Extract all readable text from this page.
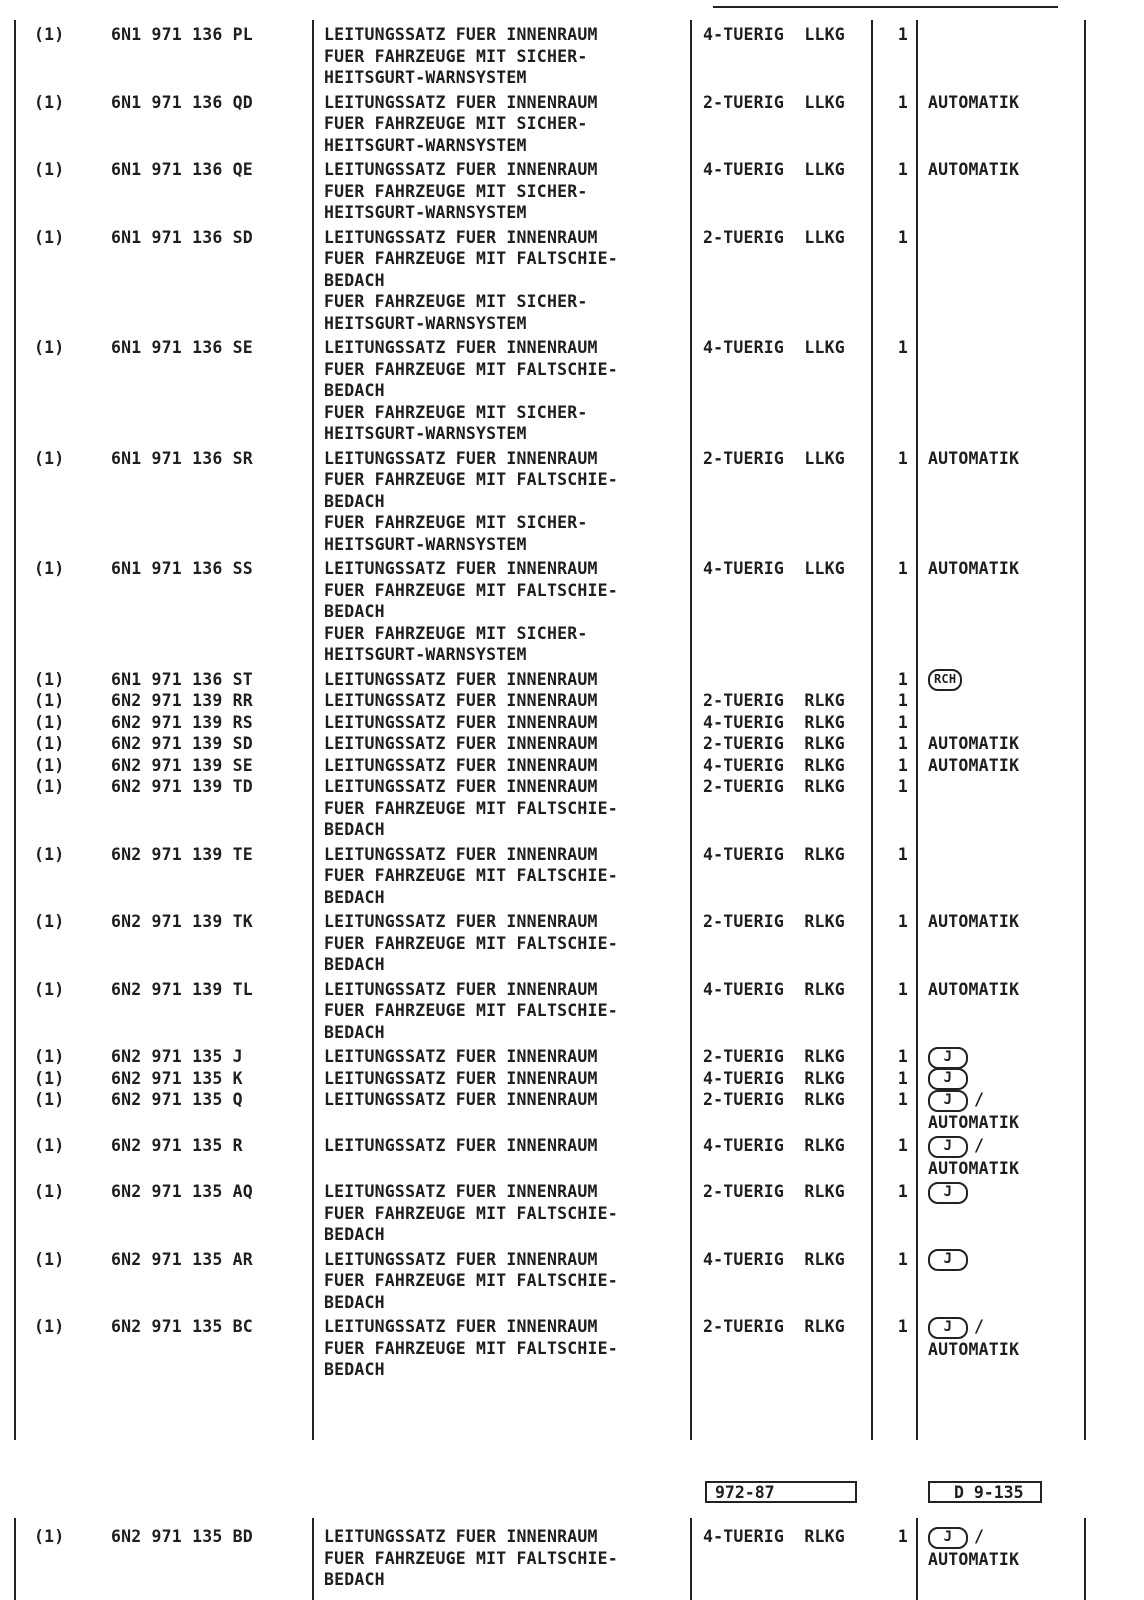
(1)	6N1 971 136 PL	LEITUNGSSATZ FUER INNENRAUM
FUER FAHRZEUGE MIT SICHER-
HEITSGURT-WARNSYSTEM
4-TUERIG  LLKG	1
(1)	6N1 971 136 QD	LEITUNGSSATZ FUER INNENRAUM
FUER FAHRZEUGE MIT SICHER-
HEITSGURT-WARNSYSTEM
2-TUERIG  LLKG	1 AUTOMATIK
(1)	6N1 971 136 QE	LEITUNGSSATZ FUER INNENRAUM
FUER FAHRZEUGE MIT SICHER-
HEITSGURT-WARNSYSTEM
4-TUERIG  LLKG	1 AUTOMATIK
(1)	6N1 971 136 SD	LEITUNGSSATZ FUER INNENRAUM
FUER FAHRZEUGE MIT FALTSCHIE-
BEDACH
FUER FAHRZEUGE MIT SICHER-
HEITSGURT-WARNSYSTEM
2-TUERIG  LLKG	1
(1)	6N1 971 136 SE	LEITUNGSSATZ FUER INNENRAUM
FUER FAHRZEUGE MIT FALTSCHIE-
BEDACH
FUER FAHRZEUGE MIT SICHER-
HEITSGURT-WARNSYSTEM
4-TUERIG  LLKG	1
(1)	6N1 971 136 SR	LEITUNGSSATZ FUER INNENRAUM
FUER FAHRZEUGE MIT FALTSCHIE-
BEDACH
FUER FAHRZEUGE MIT SICHER-
HEITSGURT-WARNSYSTEM
2-TUERIG  LLKG	1 AUTOMATIK
(1)	6N1 971 136 SS	LEITUNGSSATZ FUER INNENRAUM
FUER FAHRZEUGE MIT FALTSCHIE-
BEDACH
FUER FAHRZEUGE MIT SICHER-
HEITSGURT-WARNSYSTEM
4-TUERIG  LLKG	1 AUTOMATIK
(1)	6N1 971 136 ST	LEITUNGSSATZ FUER INNENRAUM	1	RCH
(1)	6N2 971 139 RR	LEITUNGSSATZ FUER INNENRAUM	2-TUERIG  RLKG	1
(1)	6N2 971 139 RS	LEITUNGSSATZ FUER INNENRAUM	4-TUERIG  RLKG	1
(1)	6N2 971 139 SD	LEITUNGSSATZ FUER INNENRAUM	2-TUERIG  RLKG	1 AUTOMATIK
(1)	6N2 971 139 SE	LEITUNGSSATZ FUER INNENRAUM	4-TUERIG  RLKG	1 AUTOMATIK
(1)	6N2 971 139 TD	LEITUNGSSATZ FUER INNENRAUM
FUER FAHRZEUGE MIT FALTSCHIE-
BEDACH
2-TUERIG  RLKG	1
(1)	6N2 971 139 TE	LEITUNGSSATZ FUER INNENRAUM
FUER FAHRZEUGE MIT FALTSCHIE-
BEDACH
4-TUERIG  RLKG	1
(1)	6N2 971 139 TK	LEITUNGSSATZ FUER INNENRAUM
FUER FAHRZEUGE MIT FALTSCHIE-
BEDACH
2-TUERIG  RLKG	1 AUTOMATIK
(1)	6N2 971 139 TL	LEITUNGSSATZ FUER INNENRAUM
FUER FAHRZEUGE MIT FALTSCHIE-
BEDACH
4-TUERIG  RLKG	1 AUTOMATIK
(1)	6N2 971 135 J	LEITUNGSSATZ FUER INNENRAUM	2-TUERIG  RLKG	1	J
(1)	6N2 971 135 K	LEITUNGSSATZ FUER INNENRAUM	4-TUERIG  RLKG	1	J
(1)	6N2 971 135 Q	LEITUNGSSATZ FUER INNENRAUM	2-TUERIG  RLKG	1	J /
AUTOMATIK
(1)	6N2 971 135 R	LEITUNGSSATZ FUER INNENRAUM	4-TUERIG  RLKG	1	J /
AUTOMATIK
(1)	6N2 971 135 AQ	LEITUNGSSATZ FUER INNENRAUM
FUER FAHRZEUGE MIT FALTSCHIE-
BEDACH
2-TUERIG  RLKG	1	J
(1)	6N2 971 135 AR	LEITUNGSSATZ FUER INNENRAUM
FUER FAHRZEUGE MIT FALTSCHIE-
BEDACH
4-TUERIG  RLKG	1	J
(1)	6N2 971 135 BC	LEITUNGSSATZ FUER INNENRAUM
FUER FAHRZEUGE MIT FALTSCHIE-
BEDACH
2-TUERIG  RLKG	1	J /
AUTOMATIK
972-87	D 9-135
(1)	6N2 971 135 BD	LEITUNGSSATZ FUER INNENRAUM
FUER FAHRZEUGE MIT FALTSCHIE-
BEDACH
4-TUERIG  RLKG	1	J /
AUTOMATIK
